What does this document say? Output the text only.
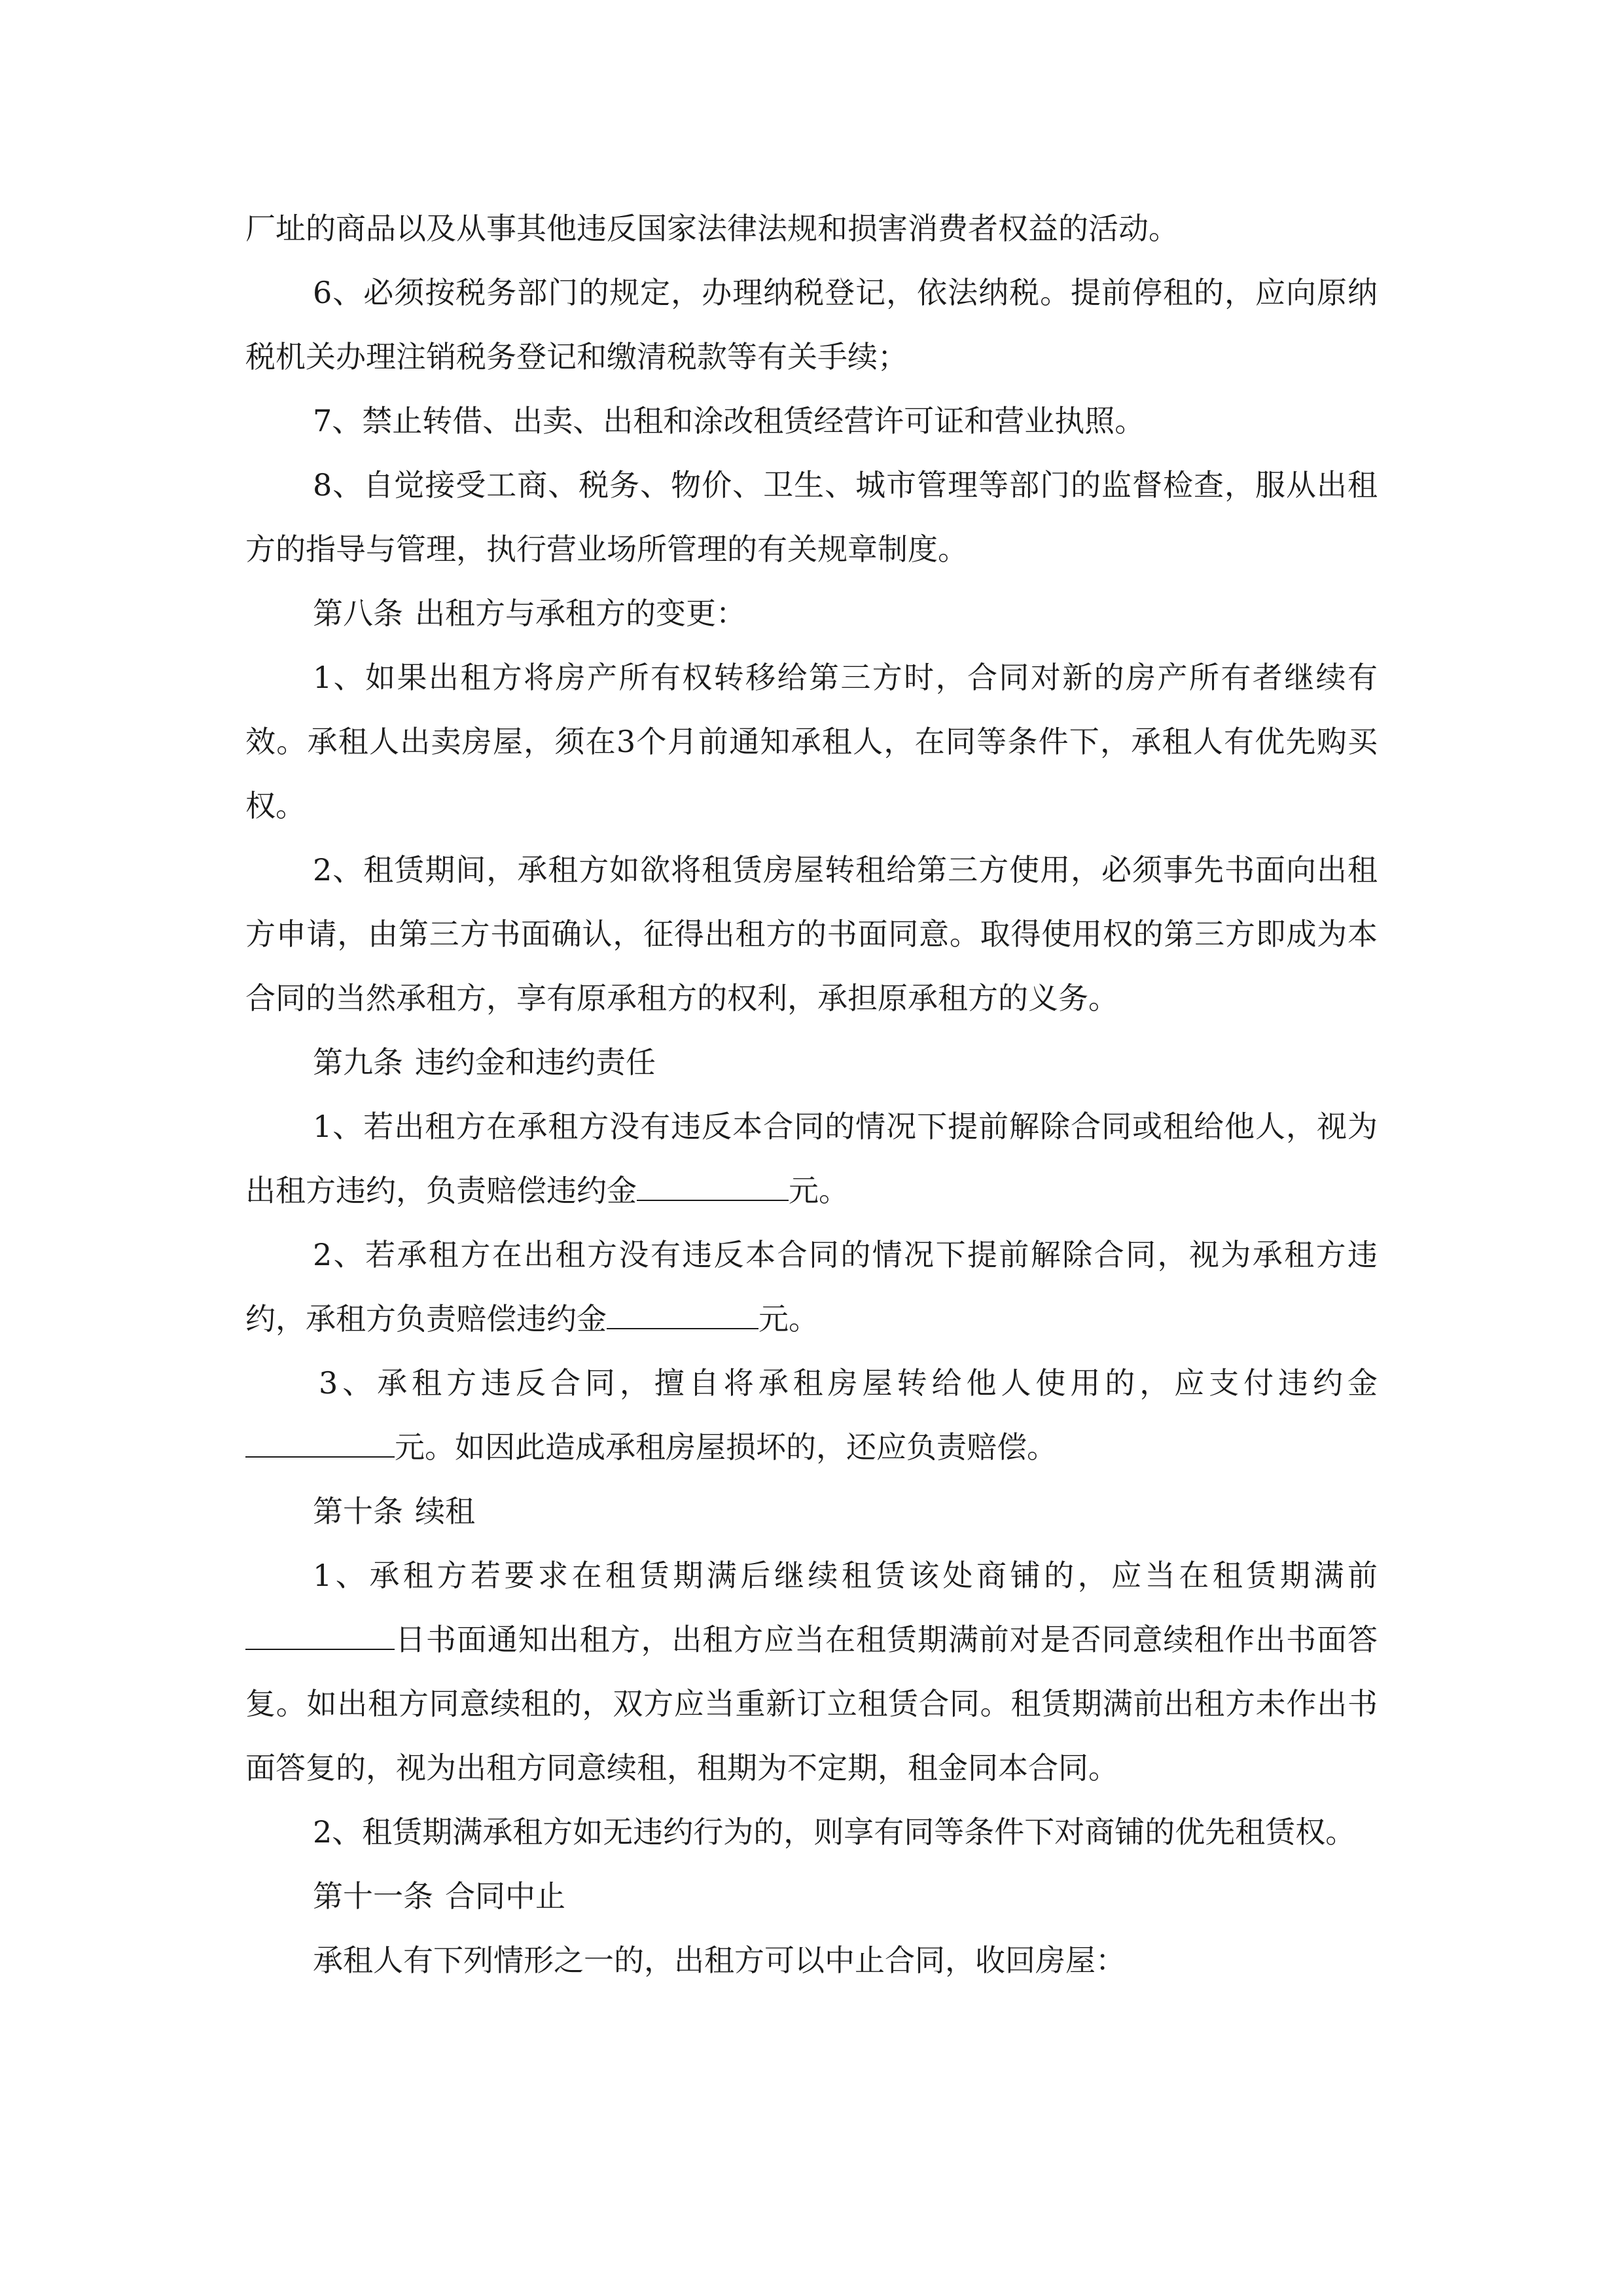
厂址的商品以及从事其他违反国家法律法规和损害消费者权益的活动。

6、必须按税务部门的规定，办理纳税登记，依法纳税。提前停租的，应向原纳税机关办理注销税务登记和缴清税款等有关手续；

7、禁止转借、出卖、出租和涂改租赁经营许可证和营业执照。

8、自觉接受工商、税务、物价、卫生、城市管理等部门的监督检查，服从出租方的指导与管理，执行营业场所管理的有关规章制度。

第八条 出租方与承租方的变更：

1、如果出租方将房产所有权转移给第三方时，合同对新的房产所有者继续有效。承租人出卖房屋，须在3个月前通知承租人，在同等条件下，承租人有优先购买权。

2、租赁期间，承租方如欲将租赁房屋转租给第三方使用，必须事先书面向出租方申请，由第三方书面确认，征得出租方的书面同意。取得使用权的第三方即成为本合同的当然承租方，享有原承租方的权利，承担原承租方的义务。

第九条 违约金和违约责任

1、若出租方在承租方没有违反本合同的情况下提前解除合同或租给他人，视为出租方违约，负责赔偿违约金	元。

2、若承租方在出租方没有违反本合同的情况下提前解除合同，视为承租方违约，承租方负责赔偿违约金	元。

3、承租方违反合同，擅自将承租房屋转给他人使用的，应支付违约金元。如因此造成承租房屋损坏的，还应负责赔偿。

第十条 续租

1、承租方若要求在租赁期满后继续租赁该处商铺的，应当在租赁期满前日书面通知出租方，出租方应当在租赁期满前对是否同意续租作出书面答复。如出租方同意续租的，双方应当重新订立租赁合同。租赁期满前出租方未作出书面答复的，视为出租方同意续租，租期为不定期，租金同本合同。

2、租赁期满承租方如无违约行为的，则享有同等条件下对商铺的优先租赁权。

第十一条 合同中止

承租人有下列情形之一的，出租方可以中止合同，收回房屋：
